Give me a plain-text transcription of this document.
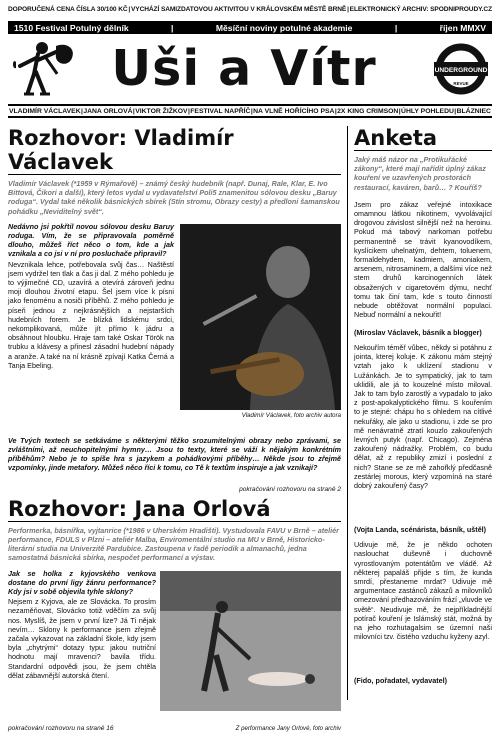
DOPORUČENÁ CENA ČÍSLA 30/100 KČ | VYCHÁZÍ SAMIZDATOVOU AKTIVITOU V KRÁLOVSKÉM MĚSTĚ BRNĚ | ELEKTRONICKÝ ARCHIV: SPODNIPROUDY.CZ
1510 Festival Potulný dělník	|	Měsíční noviny potulné akademie	|	říjen MMXV
Uši a Vítr	UNDERGROUND
REVUE
VLADIMÍR VÁCLAVEK | JANA ORLOVÁ | VIKTOR ŽIŽKOV | FESTIVAL NAPŘÍČ | NA VLNĚ HOŘÍCÍHO PSA | 2X KING CRIMSON | ÚHLY POHLEDU | BLÁZNIEC
Rozhovor: Vladimír Václavek
Vladimír Václavek (*1959 v Rýmařově) – známý český hudebník (např. Dunaj, Rale, Klar, E. Ivo Bittová, Čikori a další), který letos vydal u vydavatelství Poli5 znamenitou sólovou desku „Baruy roduga“. Vydal také několik básnických sbírek (Stín stromu, Obrazy cesty) a předloni šamanskou pohádku „Neviditelný svět“.
Nedávno jsi pokřtil novou sólovou desku Baruy roduga. Vím, že se připravovala poměrně dlouho, můžeš říct něco o tom, kde a jak vznikala a co jsi v ní pro posluchače připravil?
Nevznikala lehce, potřebovala svůj čas… Naštěstí jsem vydržel ten tlak a čas ji dal. Z mého pohledu je to výjimečné CD, uzavírá a otevírá zároveň jednu moji dlouhou životní etapu. Šel jsem více k písni jako fenoménu a nosiči příběhů. Z mého pohledu je píseň jednou z nejkrásnějších a nejstarších hudebních forem. Je blízká lidskému srdci, nekomplikovaná, může jít přímo k jádru a obsáhnout hloubku. Hraje tam také Oskar Török na trubku a klávesy a přinesl zásadní hudební nápady a aranže. A také na ní krásně zpívají Katka Černá a Tanja Ebeling.
Vladimír Václavek, foto archiv autora
Ve Tvých textech se setkáváme s některými těžko srozumitelnými obrazy nebo zprávami, se zvláštními, až neuchopitelnými hymny… Jsou to texty, které se váží k nějakým konkrétním příběhům? Nebo je to spíše hra s jazykem a pohádkovými příběhy… Někde jsou to zřejmě vzpomínky, jinde metafory. Můžeš něco říci k tomu, co Tě k textům inspiruje a jak vznikají?
pokračování rozhovoru na straně 2
Rozhovor: Jana Orlová
Performerka, básnířka, vyjtanrice (*1986 v Uherském Hradišti). Vystudovala FAVU v Brně – ateliér performance, FDULS v Plzni – ateliér Malba, Enviromentální studio na MU v Brně, Historicko-literární studia na Univerzitě Pardubice. Zastoupena v řadě periodik a almanachů, jedna samostatná básnická sbírka, nespočet performancí a výstav.
Jak se holka z kyjovského venkova dostane do první ligy žánru performance? Kdy jsi v sobě objevila tyhle sklony?
Nejsem z Kyjova, ale ze Slovácka. To prosím nezaměňovat, Slovácko totiž vděčím za svůj nos. Myslíš, že jsem v první lize? Já Ti nějak nevím… Sklony k performance jsem zřejmě začala vykazovat na základní škole, kdy jsem byla „chytrými“ dotazy typu: jakou nutriční hodnotu mají mravenci? bavila třídu. Standardní odpovědi jsou, že jsem chtěla dělat zábavnější autorská čtení.
pokračování rozhovoru na straně 16	Z performance Jany Orlové, foto archiv
Anketa
Jaký máš názor na „Protikuřácké zákony“, které mají nařídit úplný zákaz kouření ve uzavřených prostorách restaurací, kaváren, barů… ? Kouříš?
Jsem pro zákaz veřejné intoxikace omamnou látkou nikotinem, vyvolávající drogovou závislost silnější než na heroinu. Pokud má tabový narkoman potřebu permanentně se trávit kyanovodíkem, kyslícikem uhelnatým, dehtem, toluenem, formaldehydem, kadmiem, amoniakem, arsenem, nitrosaminem, a dalšími více než stem druhů karcinogenních látek obsažených v cigaretovém dýmu, nechť tomu tak činí tam, kde s touto činností nebude obtěžovat normální populaci. Nebuď normální a nekouřit!
(Miroslav Václavek, básník a blogger)
Nekouřím téměř vůbec, někdy si potáhnu z jointa, kterej koluje. K zákonu mám stejný vztah jako k uklízení stadionu v Lužánkách. Je to sympatický, jak to tam uklidili, ale já to kouzelné místo miloval. Jak to tam bylo zarostlý a vypadalo to jako z post-apokalyptického filmu. S kouřením to je stejné: chápu ho s ohledem na cítlivé nekuřáky, ale jako u stadionu, i zde se pro mě nenávratně ztratí kouzlo zakouřených levných putyk (např. Chicago). Zejména zakouřený nádražky. Problém, co budu dělat, až z republiky zmizí i poslední z nich? Stane se ze mě zahořklý předčasně zestárlej morous, který vzpomíná na staré dobrý zakouřený časy?
(Vojta Landa, scénárista, básník, uštěl)
Udivuje mě, že je někdo ochoten naslouchat duševně i duchovně vyrostlovaným potentátům ve vládě. Až některej papaláš přijde s tím, že kunda smrdí, přestaneme mrdat? Udivuje mě argumentace zastánců zákazů a milovníků omezování předhazováním frází „vluvde ve světě“. Neudivuje mě, že nejpříkladnější potírač kouření je Islámský stát, možná by na jeho rozhutagalsim se územní naši milovníci tzv. čistého vzduchu kyženy azyl.
(Fido, pořadatel, vydavatel)
